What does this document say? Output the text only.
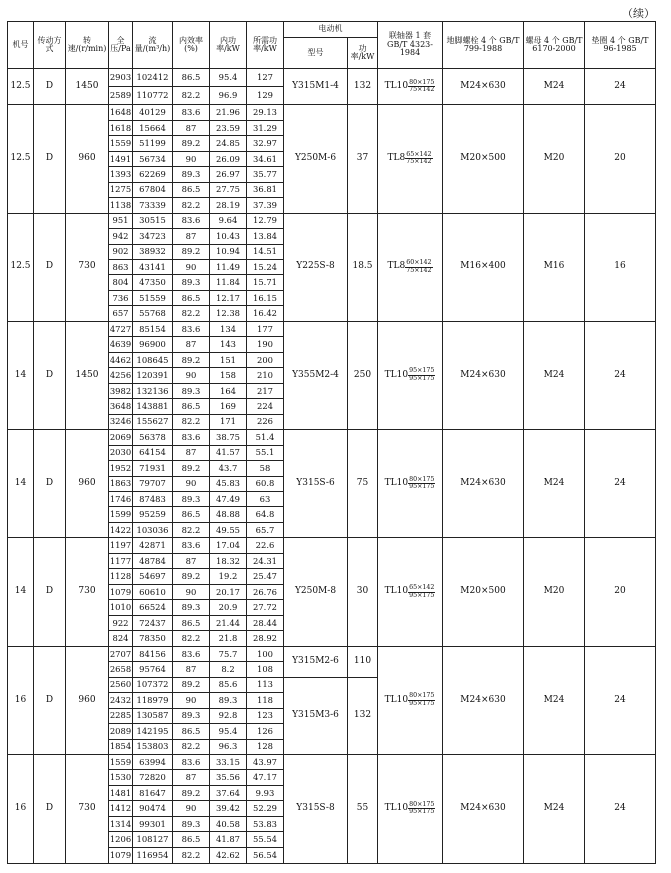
（续）
机号	传动方式	转速/(r/min)	全压/Pa	流量/(m³/h)	内效率(%)	内功率/kW	所需功率/kW	电动机		联轴器 1 套 GB/T 4323-1984	地脚螺栓 4 个 GB/T 799-1988	螺母 4 个 GB/T 6170-2000	垫圈 4 个 GB/T 96-1985
								型号	功率/kW				
12.5	D	1450	2903	102412	86.5	95.4	127	Y315M1-4	132	$TL10 \frac{80\times 175}{75\times 142}$	M24×630	M24	24
			2589	110772	82.2	96.9	129						
12.5	D	960	1648	40129	83.6	21.96	29.13	Y250M-6	37	$TL8 \frac{65\times 142}{75\times 142}$	M20×500	M20	20
			1618	15664	87	23.59	31.29						
			1559	51199	89.2	24.85	32.97						
			1491	56734	90	26.09	34.61						
			1393	62269	89.3	26.97	35.77						
			1275	67804	86.5	27.75	36.81						
			1138	73339	82.2	28.19	37.39						
12.5	D	730	951	30515	83.6	9.64	12.79	Y225S-8	18.5	$TL8 \frac{60\times 142}{75\times 142}$	M16×400	M16	16
			942	34723	87	10.43	13.84						
			902	38932	89.2	10.94	14.51						
			863	43141	90	11.49	15.24						
			804	47350	89.3	11.84	15.71						
			736	51559	86.5	12.17	16.15						
			657	55768	82.2	12.38	16.42						
14	D	1450	4727	85154	83.6	134	177	Y355M2-4	250	$TL10 \frac{95\times 175}{95\times 175}$	M24×630	M24	24
			4639	96900	87	143	190						
			4462	108645	89.2	151	200						
			4256	120391	90	158	210						
			3982	132136	89.3	164	217						
			3648	143881	86.5	169	224						
			3246	155627	82.2	171	226						
14	D	960	2069	56378	83.6	38.75	51.4	Y315S-6	75	$TL10 \frac{80\times 175}{95\times 175}$	M24×630	M24	24
			2030	64154	87	41.57	55.1						
			1952	71931	89.2	43.7	58						
			1863	79707	90	45.83	60.8						
			1746	87483	89.3	47.49	63						
			1599	95259	86.5	48.88	64.8						
			1422	103036	82.2	49.55	65.7						
14	D	730	1197	42871	83.6	17.04	22.6	Y250M-8	30	$TL10 \frac{65\times 142}{95\times 175}$	M20×500	M20	20
			1177	48784	87	18.32	24.31						
			1128	54697	89.2	19.2	25.47						
			1079	60610	90	20.17	26.76						
			1010	66524	89.3	20.9	27.72						
			922	72437	86.5	21.44	28.44						
			824	78350	82.2	21.8	28.92						
16	D	960	2707	84156	83.6	75.7	100	Y315M2-6	110	$TL10 \frac{80\times 175}{95\times 175}$	M24×630	M24	24
			2658	95764	87	8.2	108						
			2560	107372	89.2	85.6	113	Y315M3-6	132				
			2432	118979	90	89.3	118						
			2285	130587	89.3	92.8	123						
			2089	142195	86.5	95.4	126						
			1854	153803	82.2	96.3	128						
16	D	730	1559	63994	83.6	33.15	43.97	Y315S-8	55	$TL10 \frac{80\times 175}{95\times 175}$	M24×630	M24	24
			1530	72820	87	35.56	47.17						
			1481	81647	89.2	37.64	9.93						
			1412	90474	90	39.42	52.29						
			1314	99301	89.3	40.58	53.83						
			1206	108127	86.5	41.87	55.54						
			1079	116954	82.2	42.62	56.54						
